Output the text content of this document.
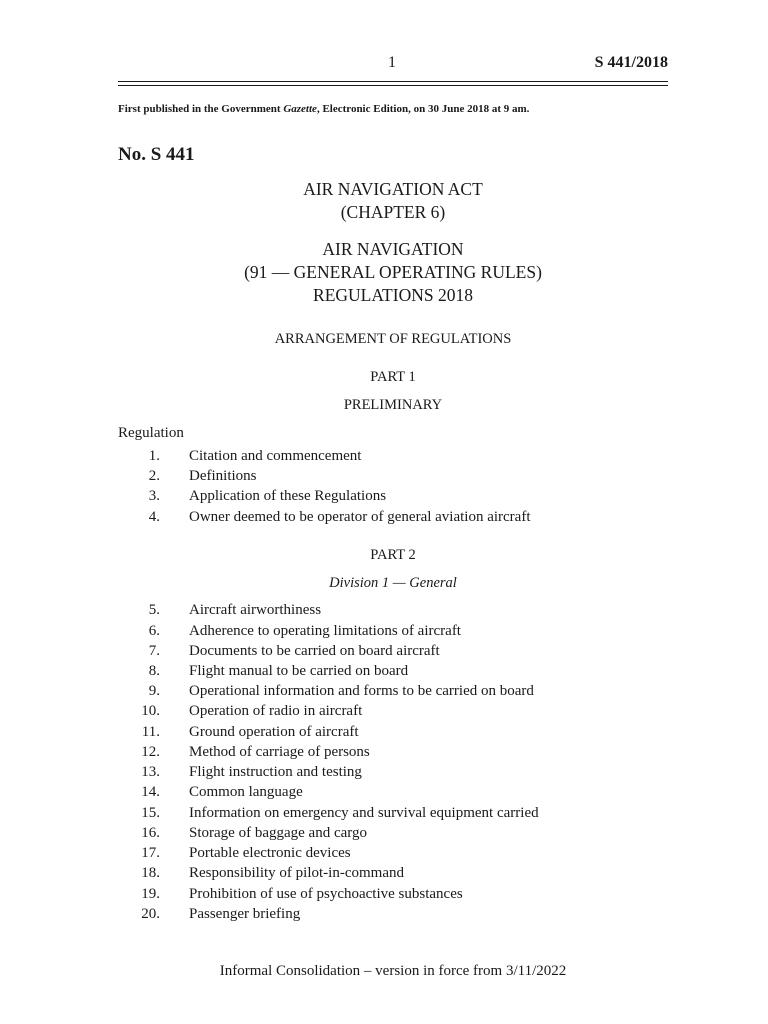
1	S 441/2018
First published in the Government Gazette, Electronic Edition, on 30 June 2018 at 9 am.
No. S 441
AIR NAVIGATION ACT
(CHAPTER 6)
AIR NAVIGATION
(91 — GENERAL OPERATING RULES)
REGULATIONS 2018
ARRANGEMENT OF REGULATIONS
PART 1
PRELIMINARY
Regulation
1. Citation and commencement
2. Definitions
3. Application of these Regulations
4. Owner deemed to be operator of general aviation aircraft
PART 2
Division 1 — General
5. Aircraft airworthiness
6. Adherence to operating limitations of aircraft
7. Documents to be carried on board aircraft
8. Flight manual to be carried on board
9. Operational information and forms to be carried on board
10. Operation of radio in aircraft
11. Ground operation of aircraft
12. Method of carriage of persons
13. Flight instruction and testing
14. Common language
15. Information on emergency and survival equipment carried
16. Storage of baggage and cargo
17. Portable electronic devices
18. Responsibility of pilot-in-command
19. Prohibition of use of psychoactive substances
20. Passenger briefing
Informal Consolidation – version in force from 3/11/2022
